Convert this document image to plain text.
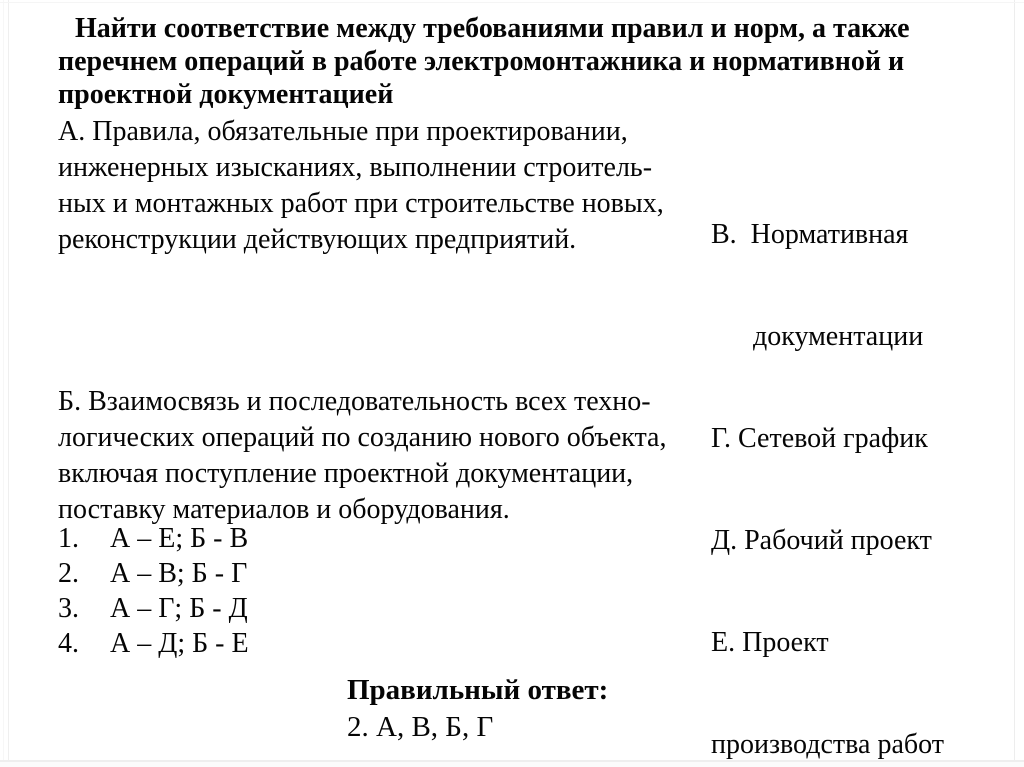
Найти соответствие между требованиями правил и норм, а также
перечнем операций в работе электромонтажника и нормативной и
проектной документацией
А. Правила, обязательные при проектировании,
инженерных изысканиях, выполнении строитель-
ных и монтажных работ при строительстве новых,
реконструкции действующих предприятий.

	В.  Нормативная

документации

Г. Сетевой график

Д. Рабочий проект

Е. Проект

производства работ

Б. Взаимосвязь и последовательность всех техно-
логических операций по созданию нового объекта,
включая поступление проектной документации,
поставку материалов и оборудования.
1.	А – Е; Б - В
2.	А – В; Б - Г
3.	А – Г; Б - Д
4.	А – Д; Б - Е
Правильный ответ:
2. А, В, Б, Г
